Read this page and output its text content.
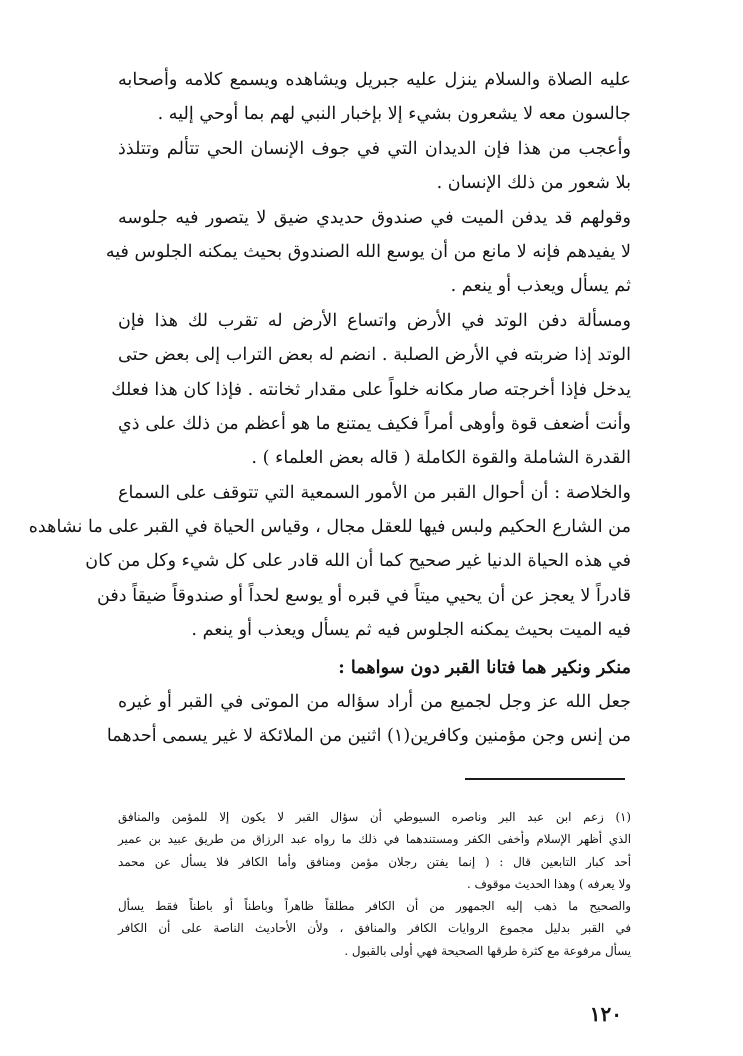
عليه الصلاة والسلام ينزل عليه جبريل ويشاهده ويسمع كلامه وأصحابه
جالسون معه لا يشعرون بشيء إلا بإخبار النبي لهم بما أوحي إليه .
وأعجب من هذا فإن الديدان التي في جوف الإنسان الحي تتألم وتتلذذ
بلا شعور من ذلك الإنسان .
وقولهم قد يدفن الميت في صندوق حديدي ضيق لا يتصور فيه جلوسه
لا يفيدهم فإنه لا مانع من أن يوسع الله الصندوق بحيث يمكنه الجلوس فيه
ثم يسأل ويعذب أو ينعم .
ومسألة دفن الوتد في الأرض واتساع الأرض له تقرب لك هذا فإن
الوتد إذا ضربته في الأرض الصلبة . انضم له بعض التراب إلى بعض حتى
يدخل فإذا أخرجته صار مكانه خلواً على مقدار ثخانته . فإذا كان هذا فعلك
وأنت أضعف قوة وأوهى أمراً فكيف يمتنع ما هو أعظم من ذلك على ذي
القدرة الشاملة والقوة الكاملة ( قاله بعض العلماء ) .
والخلاصة : أن أحوال القبر من الأمور السمعية التي تتوقف على السماع
من الشارع الحكيم ولبس فيها للعقل مجال ، وقياس الحياة في القبر على ما نشاهده
في هذه الحياة الدنيا غير صحيح كما أن الله قادر على كل شيء وكل من كان
قادراً لا يعجز عن أن يحيي ميتاً في قبره أو يوسع لحداً أو صندوقاً ضيقاً دفن
فيه الميت بحيث يمكنه الجلوس فيه ثم يسأل ويعذب أو ينعم .
منكر ونكير هما فتانا القبر دون سواهما :
جعل الله عز وجل لجميع من أراد سؤاله من الموتى في القبر أو غيره
من إنس وجن مؤمنين وكافرين(١) اثنين من الملائكة لا غير يسمى أحدهما
(١) زعم ابن عبد البر وناصره السيوطي أن سؤال القبر لا يكون إلا للمؤمن والمنافق
الذي أظهر الإسلام وأخفى الكفر ومستندهما في ذلك ما رواه عبد الرزاق من طريق عبيد بن عمير
أحد كبار التابعين قال : ( إنما يفتن رجلان مؤمن ومنافق وأما الكافر فلا يسأل عن محمد
ولا يعرفه ) وهذا الحديث موقوف .
والصحيح ما ذهب إليه الجمهور من أن الكافر مطلقاً ظاهراً وباطناً أو باطناً فقط يسأل
في القبر بدليل مجموع الروايات الكافر والمنافق ، ولأن الأحاديث الناصة على أن الكافر
يسأل مرفوعة مع كثرة طرقها الصحيحة فهي أولى بالقبول .
١٢٠
